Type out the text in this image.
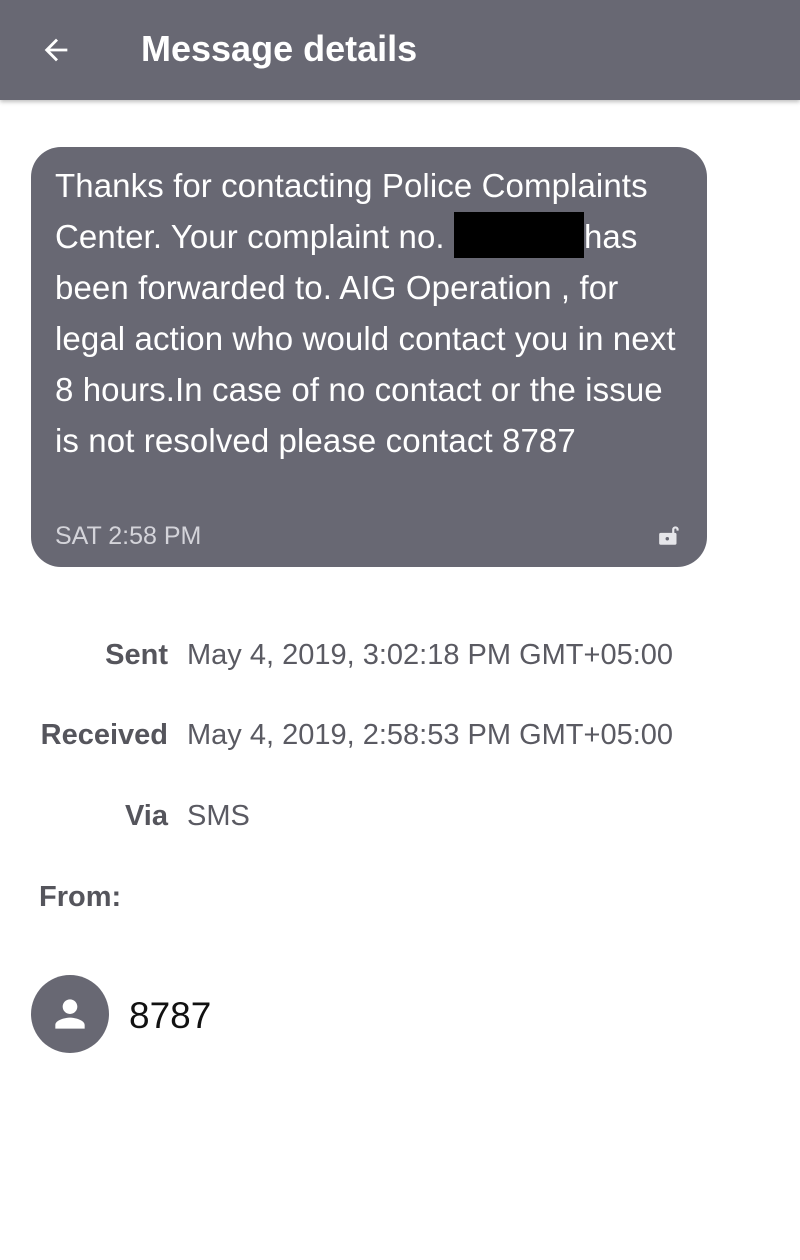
Message details
Thanks for contacting Police Complaints Center. Your complaint no.	has been forwarded to. AIG Operation , for legal action who would contact you in next 8 hours.In case of no contact or the issue is not resolved please contact 8787
SAT 2:58 PM
Sent May 4, 2019, 3:02:18 PM GMT+05:00
Received May 4, 2019, 2:58:53 PM GMT+05:00
Via SMS
From:
8787
